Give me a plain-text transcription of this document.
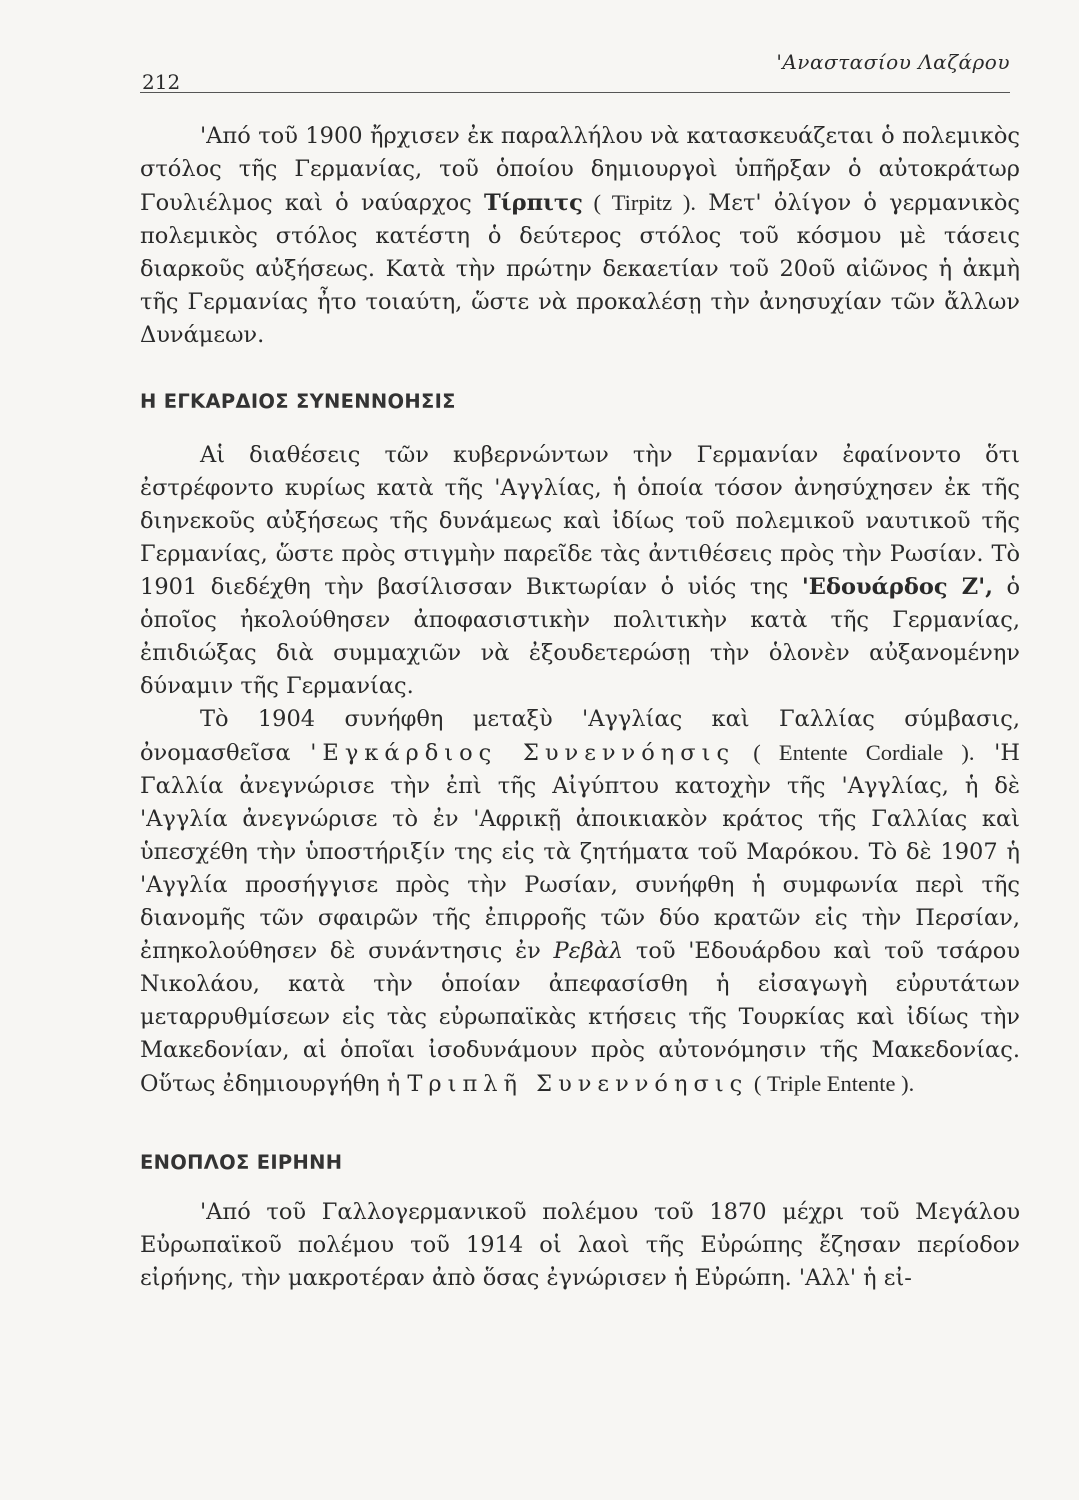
212
'Αναστασίου Λαζάρου

'Από τοῦ 1900 ἤρχισεν ἐκ παραλλήλου νὰ κατασκευάζεται ὁ πολεμικὸς στόλος τῆς Γερμανίας, τοῦ ὁποίου δημιουργοὶ ὑπῆρξαν ὁ αὐτοκράτωρ Γουλιέλμος καὶ ὁ ναύαρχος Τίρπιτς ( Tirpitz ). Μετ' ὀλίγον ὁ γερμανικὸς πολεμικὸς στόλος κατέστη ὁ δεύτερος στόλος τοῦ κόσμου μὲ τάσεις διαρκοῦς αὐξήσεως. Κατὰ τὴν πρώτην δεκαετίαν τοῦ 20οῦ αἰῶνος ἡ ἀκμὴ τῆς Γερμανίας ἦτο τοιαύτη, ὥστε νὰ προκαλέσῃ τὴν ἀνησυχίαν τῶν ἄλλων Δυνάμεων.

Η ΕΓΚΑΡΔΙΟΣ ΣΥΝΕΝΝΟΗΣΙΣ

Αἱ διαθέσεις τῶν κυβερνώντων τὴν Γερμανίαν ἐφαίνοντο ὅτι ἐστρέφοντο κυρίως κατὰ τῆς 'Αγγλίας, ἡ ὁποία τόσον ἀνησύχησεν ἐκ τῆς διηνεκοῦς αὐξήσεως τῆς δυνάμεως καὶ ἰδίως τοῦ πολεμικοῦ ναυτικοῦ τῆς Γερμανίας, ὥστε πρὸς στιγμὴν παρεῖδε τὰς ἀντιθέσεις πρὸς τὴν Ρωσίαν. Τὸ 1901 διεδέχθη τὴν βασίλισσαν Βικτωρίαν ὁ υἱός της 'Εδουάρδος Ζ', ὁ ὁποῖος ἠκολούθησεν ἀποφασιστικὴν πολιτικὴν κατὰ τῆς Γερμανίας, ἐπιδιώξας διὰ συμμαχιῶν νὰ ἐξουδετερώσῃ τὴν ὁλονὲν αὐξανομένην δύναμιν τῆς Γερμανίας.

Τὸ 1904 συνήφθη μεταξὺ 'Αγγλίας καὶ Γαλλίας σύμβασις, ὀνομασθεῖσα 'Εγκάρδιος Συνεννόησις ( Entente Cordiale ). 'Η Γαλλία ἀνεγνώρισε τὴν ἐπὶ τῆς Αἰγύπτου κατοχὴν τῆς 'Αγγλίας, ἡ δὲ 'Αγγλία ἀνεγνώρισε τὸ ἐν 'Αφρικῇ ἀποικιακὸν κράτος τῆς Γαλλίας καὶ ὑπεσχέθη τὴν ὑποστήριξίν της εἰς τὰ ζητήματα τοῦ Μαρόκου. Τὸ δὲ 1907 ἡ 'Αγγλία προσήγγισε πρὸς τὴν Ρωσίαν, συνήφθη ἡ συμφωνία περὶ τῆς διανομῆς τῶν σφαιρῶν τῆς ἐπιρροῆς τῶν δύο κρατῶν εἰς τὴν Περσίαν, ἐπηκολούθησεν δὲ συνάντησις ἐν Ρεβὰλ τοῦ 'Εδουάρδου καὶ τοῦ τσάρου Νικολάου, κατὰ τὴν ὁποίαν ἀπεφασίσθη ἡ εἰσαγωγὴ εὐρυτάτων μεταρρυθμίσεων εἰς τὰς εὐρωπαϊκὰς κτήσεις τῆς Τουρκίας καὶ ἰδίως τὴν Μακεδονίαν, αἱ ὁποῖαι ἰσοδυνάμουν πρὸς αὐτονόμησιν τῆς Μακεδονίας. Οὕτως ἐδημιουργήθη ἡ Τριπλῆ Συνεννόησις ( Triple Entente ).

ΕΝΟΠΛΟΣ ΕΙΡΗΝΗ

'Από τοῦ Γαλλογερμανικοῦ πολέμου τοῦ 1870 μέχρι τοῦ Μεγάλου Εὐρωπαϊκοῦ πολέμου τοῦ 1914 οἱ λαοὶ τῆς Εὐρώπης ἔζησαν περίοδον εἰρήνης, τὴν μακροτέραν ἀπὸ ὅσας ἐγνώρισεν ἡ Εὐρώπη. 'Αλλ' ἡ εἰ-
